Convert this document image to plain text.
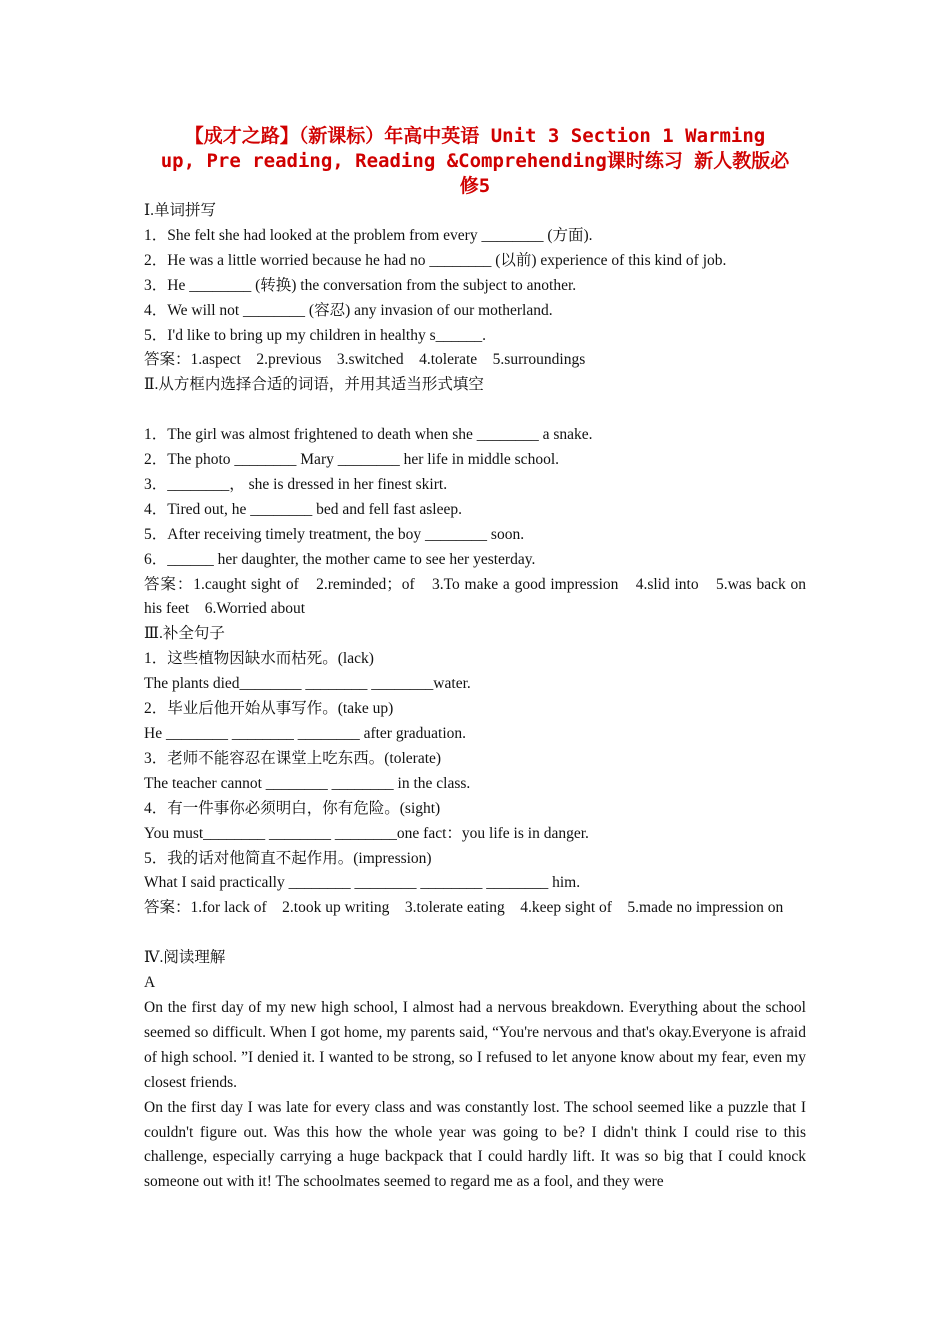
【成才之路】（新课标）年高中英语 Unit 3 Section 1 Warming
up, Pre reading, Reading &Comprehending课时练习 新人教版必
修5
Ⅰ.单词拼写
1．She felt she had looked at the problem from every ________ (方面).
2．He was a little worried because he had no ________ (以前) experience of this kind of job.
3．He ________ (转换) the conversation from the subject to another.
4．We will not ________ (容忍) any invasion of our motherland.
5．I'd like to bring up my children in healthy s______.
答案：1.aspect　2.previous　3.switched　4.tolerate　5.surroundings
Ⅱ.从方框内选择合适的词语，并用其适当形式填空
1．The girl was almost frightened to death when she ________ a snake.
2．The photo ________ Mary ________ her life in middle school.
3．________， she is dressed in her finest skirt.
4．Tired out, he ________ bed and fell fast asleep.
5．After receiving timely treatment, the boy ________ soon.
6．______ her daughter, the mother came to see her yesterday.
答案：1.caught sight of　2.reminded；of　3.To make a good impression　4.slid into　5.was back on his feet　6.Worried about
Ⅲ.补全句子
1．这些植物因缺水而枯死。(lack)
The plants died________ ________ ________water.
2．毕业后他开始从事写作。(take up)
He ________ ________ ________ after graduation.
3．老师不能容忍在课堂上吃东西。(tolerate)
The teacher cannot ________ ________ in the class.
4．有一件事你必须明白，你有危险。(sight)
You must________ ________ ________one fact：you life is in danger.
5．我的话对他简直不起作用。(impression)
What I said practically ________ ________ ________ ________ him.
答案：1.for lack of　2.took up writing　3.tolerate eating　4.keep sight of　5.made no impression on
Ⅳ.阅读理解
A
On the first day of my new high school, I almost had a nervous breakdown. Everything about the school seemed so difficult. When I got home, my parents said, “You're nervous and that's okay.Everyone is afraid of high school. ”I denied it. I wanted to be strong, so I refused to let anyone know about my fear, even my closest friends.
On the first day I was late for every class and was constantly lost. The school seemed like a puzzle that I couldn't figure out. Was this how the whole year was going to be? I didn't think I could rise to this challenge, especially carrying a huge backpack that I could hardly lift. It was so big that I could knock someone out with it! The schoolmates seemed to regard me as a fool, and they were
